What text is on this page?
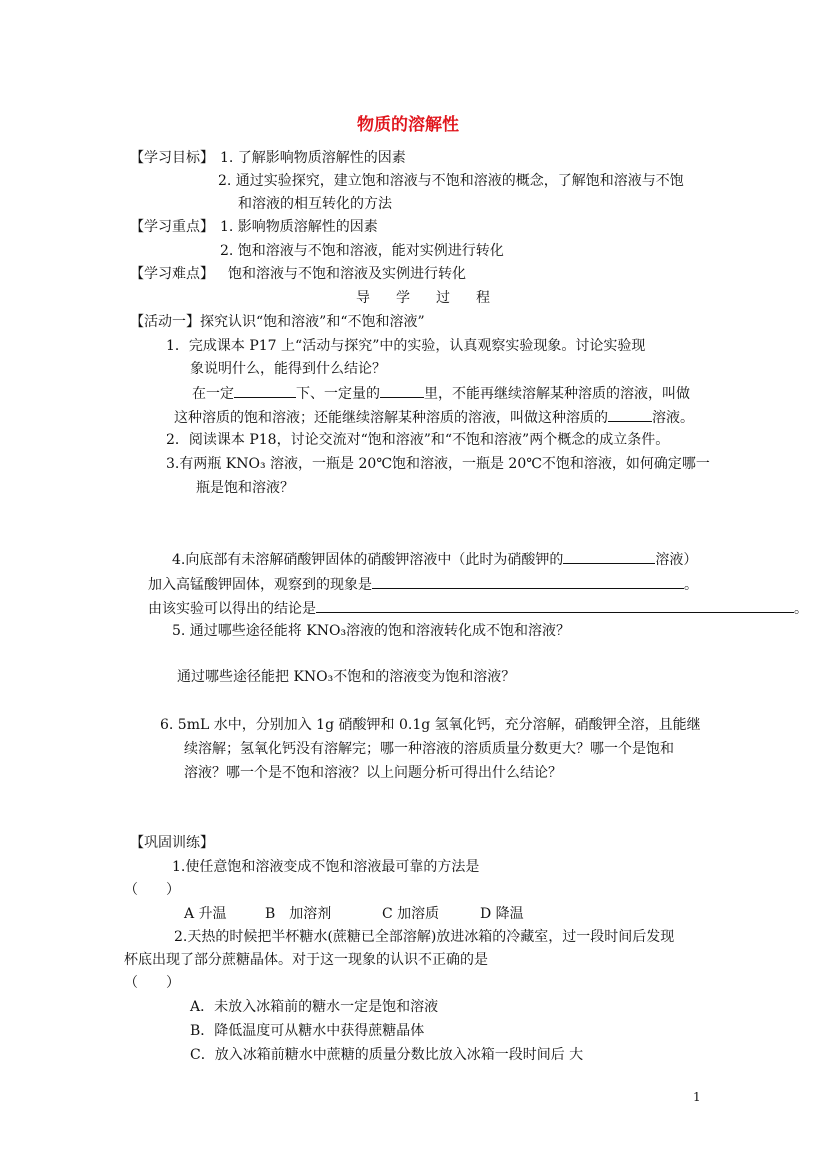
物质的溶解性
【学习目标】 1. 了解影响物质溶解性的因素
2. 通过实验探究，建立饱和溶液与不饱和溶液的概念，了解饱和溶液与不饱
和溶液的相互转化的方法
【学习重点】 1. 影响物质溶解性的因素
2. 饱和溶液与不饱和溶液，能对实例进行转化
【学习难点】 饱和溶液与不饱和溶液及实例进行转化
导学过程
【活动一】 探究认识“饱和溶液”和“不饱和溶液”
1．完成课本 P17 上“活动与探究”中的实验，认真观察实验现象。讨论实验现
象说明什么，能得到什么结论？
在一定	下、一定量的	里，不能再继续溶解某种溶质的溶液，叫做
这种溶质的饱和溶液；还能继续溶解某种溶质的溶液，叫做这种溶质的	溶液。
2．阅读课本 P18，讨论交流对“饱和溶液”和“不饱和溶液”两个概念的成立条件。
3.有两瓶 KNO₃ 溶液，一瓶是 20℃饱和溶液，一瓶是 20℃不饱和溶液，如何确定哪一
瓶是饱和溶液？
4.向底部有未溶解硝酸钾固体的硝酸钾溶液中（此时为硝酸钾的	溶液）
加入高锰酸钾固体，观察到的现象是	。
由该实验可以得出的结论是	。
5. 通过哪些途径能将 KNO₃溶液的饱和溶液转化成不饱和溶液？
通过哪些途径能把 KNO₃不饱和的溶液变为饱和溶液？
6. 5mL 水中，分别加入 1g 硝酸钾和 0.1g 氢氧化钙，充分溶解，硝酸钾全溶，且能继
续溶解；氢氧化钙没有溶解完；哪一种溶液的溶质质量分数更大？哪一个是饱和
溶液？哪一个是不饱和溶液？以上问题分析可得出什么结论？
【巩固训练】
1.使任意饱和溶液变成不饱和溶液最可靠的方法是
（　　）
A 升温	B　加溶剂	C 加溶质	D 降温
2.天热的时候把半杯糖水(蔗糖已全部溶解)放进冰箱的冷藏室，过一段时间后发现
杯底出现了部分蔗糖晶体。对于这一现象的认识不正确的是
（　　）
A．未放入冰箱前的糖水一定是饱和溶液
B．降低温度可从糖水中获得蔗糖晶体
C．放入冰箱前糖水中蔗糖的质量分数比放入冰箱一段时间后 大
1
